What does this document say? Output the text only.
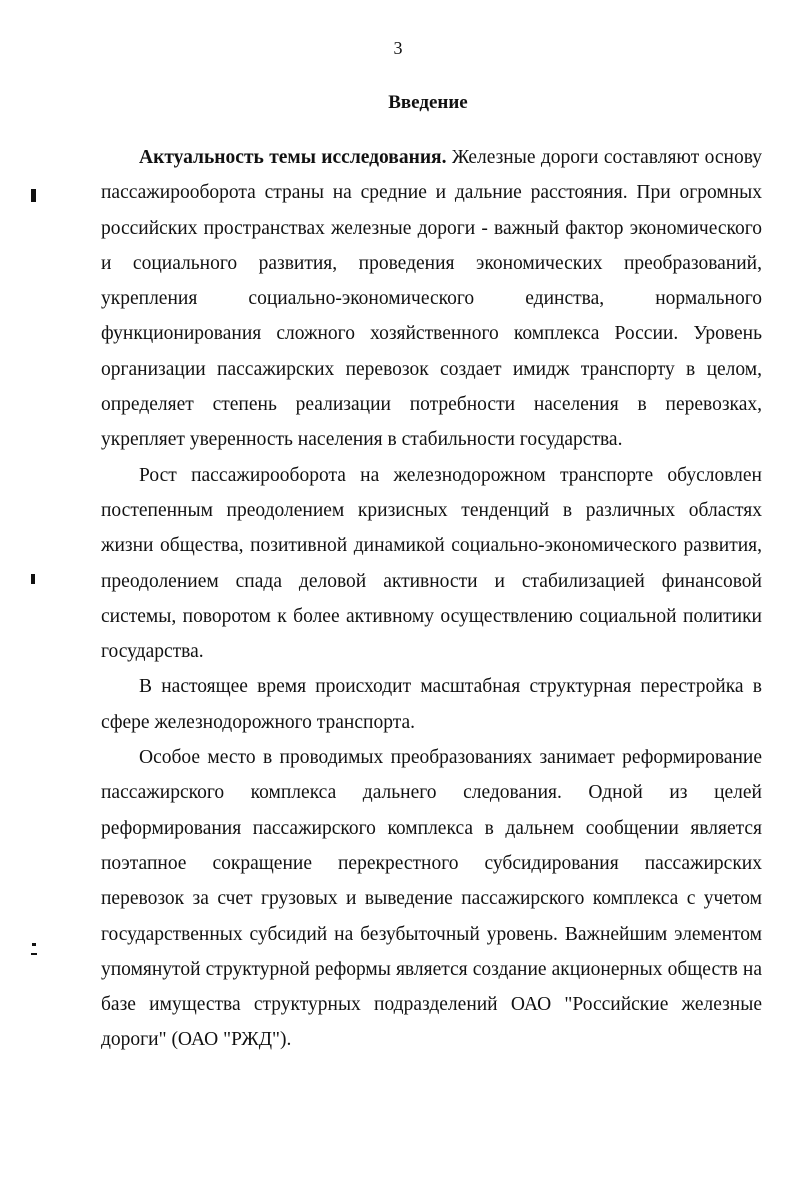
3
Введение

Актуальность темы исследования. Железные дороги составляют основу пассажирооборота страны на средние и дальние расстояния. При огромных российских пространствах железные дороги - важный фактор экономического и социального развития, проведения экономических преобразований, укрепления социально-экономического единства, нормального функционирования сложного хозяйственного комплекса России. Уровень организации пассажирских перевозок создает имидж транспорту в целом, определяет степень реализации потребности населения в перевозках, укрепляет уверенность населения в стабильности государства.

Рост пассажирооборота на железнодорожном транспорте обусловлен постепенным преодолением кризисных тенденций в различных областях жизни общества, позитивной динамикой социально-экономического развития, преодолением спада деловой активности и стабилизацией финансовой системы, поворотом к более активному осуществлению социальной политики государства.

В настоящее время происходит масштабная структурная перестройка в сфере железнодорожного транспорта.

Особое место в проводимых преобразованиях занимает реформирование пассажирского комплекса дальнего следования. Одной из целей реформирования пассажирского комплекса в дальнем сообщении является поэтапное сокращение перекрестного субсидирования пассажирских перевозок за счет грузовых и выведение пассажирского комплекса с учетом государственных субсидий на безубыточный уровень. Важнейшим элементом упомянутой структурной реформы является создание акционерных обществ на базе имущества структурных подразделений ОАО "Российские железные дороги" (ОАО "РЖД").
